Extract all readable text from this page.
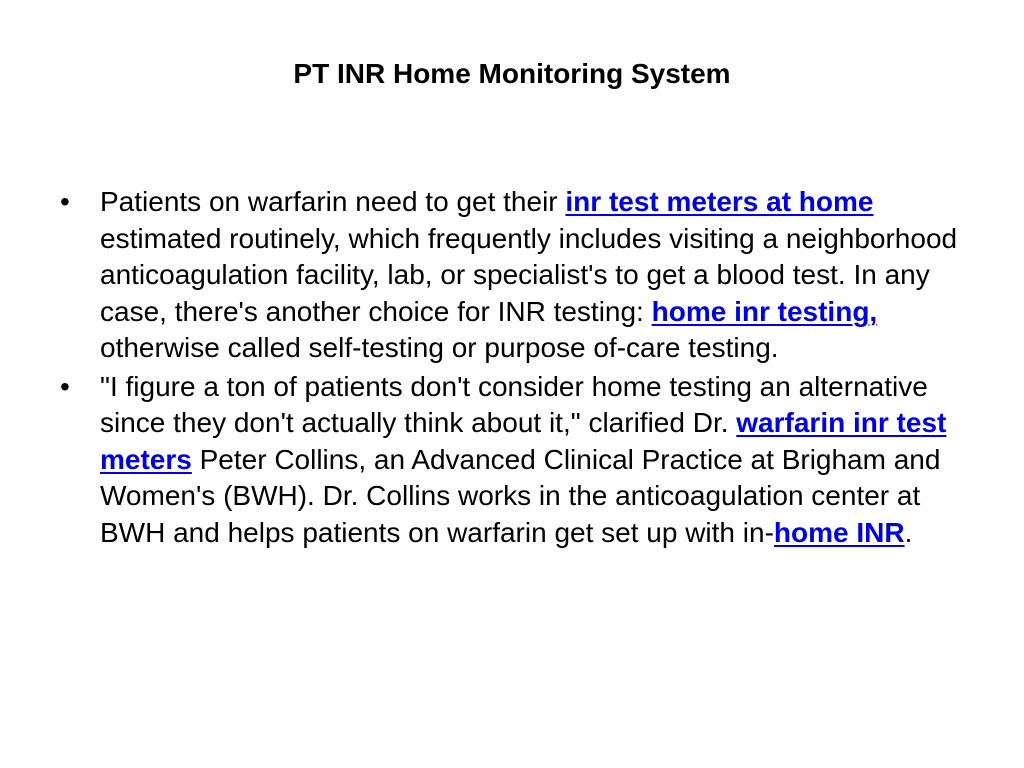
PT INR Home Monitoring System
• Patients on warfarin need to get their inr test meters at home estimated routinely, which frequently includes visiting a neighborhood anticoagulation facility, lab, or specialist's to get a blood test. In any case, there's another choice for INR testing: home inr testing, otherwise called self-testing or purpose of-care testing.
• "I figure a ton of patients don't consider home testing an alternative since they don't actually think about it," clarified Dr. warfarin inr test meters Peter Collins, an Advanced Clinical Practice at Brigham and Women's (BWH). Dr. Collins works in the anticoagulation center at BWH and helps patients on warfarin get set up with in-home INR.
